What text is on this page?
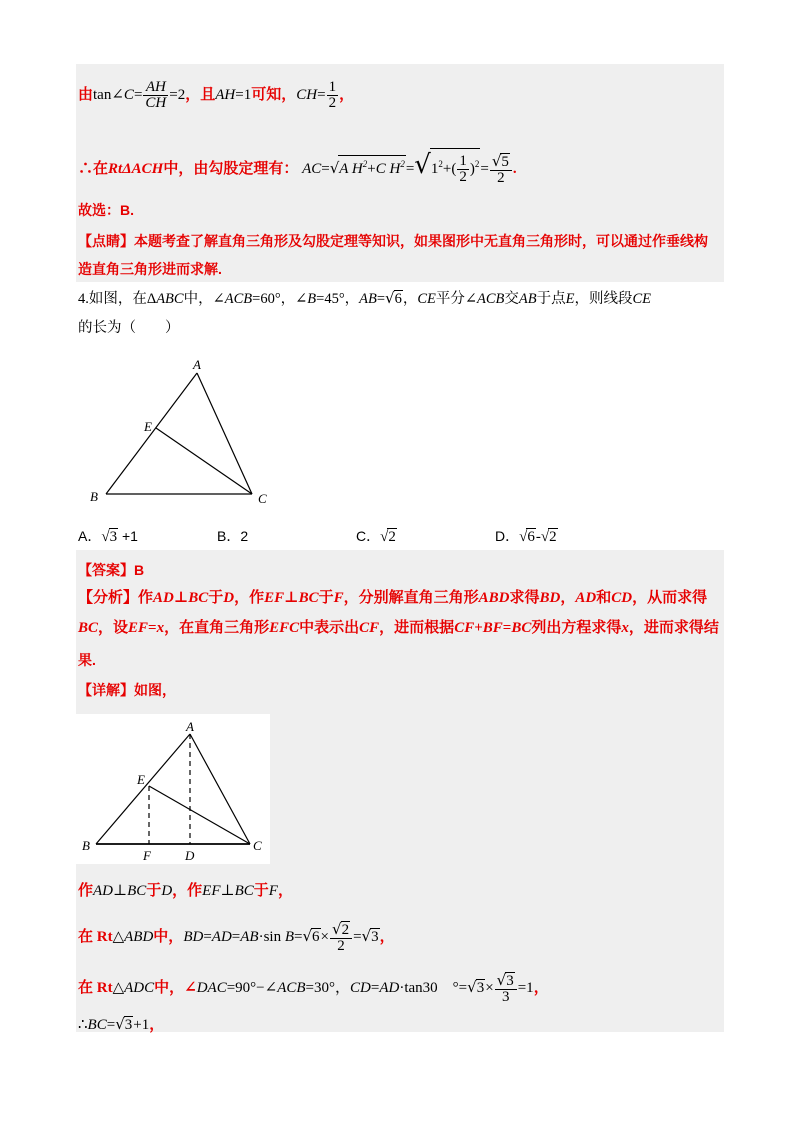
由tan∠C= $\frac{AH}{CH} =2$，且AH=1可知，$CH= \frac{1}{2}$ ，
∴在RtΔACH中，由勾股定理有： AC=√A $H^2+C$ $H^2=√1^2+( \frac{1}{2} )^2= \frac{√5}{2}$ .
故选：B.
【点睛】本题考查了解直角三角形及勾股定理等知识，如果图形中无直角三角形时，可以通过作垂线构
造直角三角形进而求解.
4.如图，在ΔABC中，∠ACB=60°，∠B=45°，AB=√6，CE平分∠ACB交AB于点E，则线段CE
的长为（　　）
A
E
B	C
A．√3 +1	B．2	C．√2	D．√6-√2
【答案】B
【分析】作AD⊥BC于D，作EF⊥BC于F，分别解直角三角形ABD求得BD，AD和CD，从而求得
BC，设EF=x，在直角三角形EFC中表示出CF，进而根据CF+BF=BC列出方程求得x，进而求得结
果.
【详解】如图，
A
E
B	C
F	D
作AD⊥BC于D，作EF⊥BC于F，
在 Rt△ABD中，BD=AD=AB·sin $B=√6\times \frac{√2}{2} =√3$，
在 Rt△ADC中，∠DAC=90°−∠ACB=30°，CD=AD·tan30　$^\circ=√3\times \frac{√3}{3} =1$，
∴BC=√3+1，
